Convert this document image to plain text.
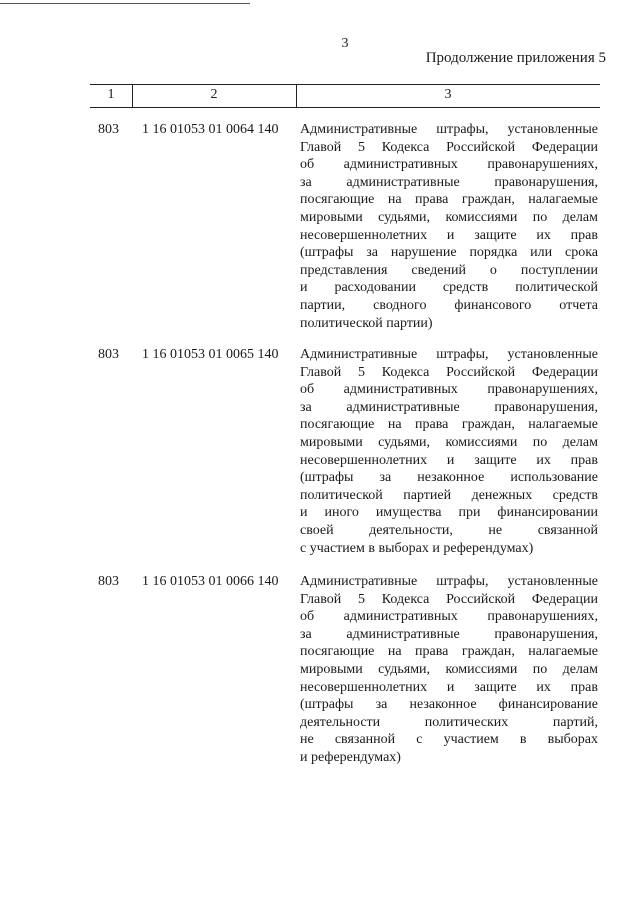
3
Продолжение приложения 5
1	2	3
803 1 16 01053 01 0064 140 Административные штрафы, установленные
Главой 5 Кодекса Российской Федерации
об административных правонарушениях,
за административные правонарушения,
посягающие на права граждан, налагаемые
мировыми судьями, комиссиями по делам
несовершеннолетних и защите их прав
(штрафы за нарушение порядка или срока
представления сведений о поступлении
и расходовании средств политической
партии, сводного финансового отчета
политической партии)
803 1 16 01053 01 0065 140 Административные штрафы, установленные
Главой 5 Кодекса Российской Федерации
об административных правонарушениях,
за административные правонарушения,
посягающие на права граждан, налагаемые
мировыми судьями, комиссиями по делам
несовершеннолетних и защите их прав
(штрафы за незаконное использование
политической партией денежных средств
и иного имущества при финансировании
своей деятельности, не связанной
с участием в выборах и референдумах)
803 1 16 01053 01 0066 140 Административные штрафы, установленные
Главой 5 Кодекса Российской Федерации
об административных правонарушениях,
за административные правонарушения,
посягающие на права граждан, налагаемые
мировыми судьями, комиссиями по делам
несовершеннолетних и защите их прав
(штрафы за незаконное финансирование
деятельности политических партий,
не связанной с участием в выборах
и референдумах)
